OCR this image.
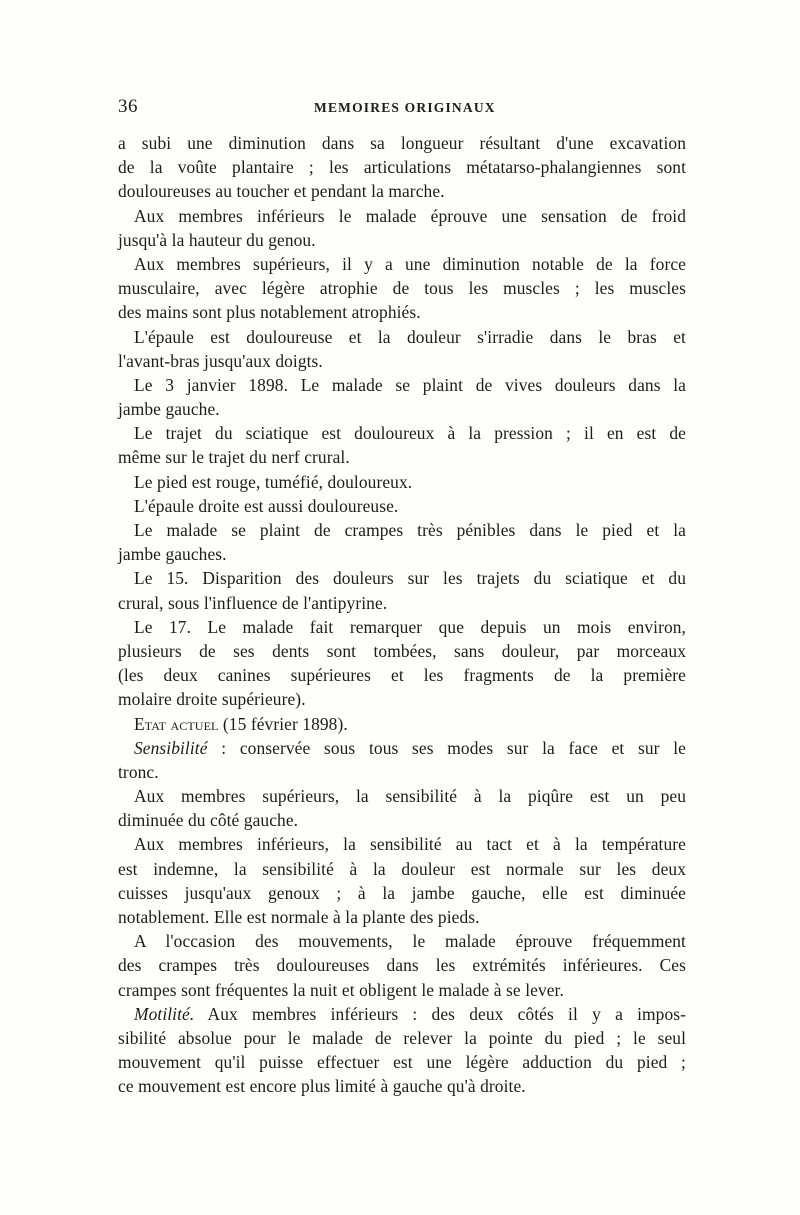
36	MEMOIRES ORIGINAUX
a subi une diminution dans sa longueur résultant d'une excavation
de la voûte plantaire ; les articulations métatarso-phalangiennes sont
douloureuses au toucher et pendant la marche.
Aux membres inférieurs le malade éprouve une sensation de froid
jusqu'à la hauteur du genou.
Aux membres supérieurs, il y a une diminution notable de la force
musculaire, avec légère atrophie de tous les muscles ; les muscles
des mains sont plus notablement atrophiés.
L'épaule est douloureuse et la douleur s'irradie dans le bras et
l'avant-bras jusqu'aux doigts.
Le 3 janvier 1898. Le malade se plaint de vives douleurs dans la
jambe gauche.
Le trajet du sciatique est douloureux à la pression ; il en est de
même sur le trajet du nerf crural.
Le pied est rouge, tuméfié, douloureux.
L'épaule droite est aussi douloureuse.
Le malade se plaint de crampes très pénibles dans le pied et la
jambe gauches.
Le 15. Disparition des douleurs sur les trajets du sciatique et du
crural, sous l'influence de l'antipyrine.
Le 17. Le malade fait remarquer que depuis un mois environ,
plusieurs de ses dents sont tombées, sans douleur, par morceaux
(les deux canines supérieures et les fragments de la première
molaire droite supérieure).
Etat actuel (15 février 1898).
Sensibilité : conservée sous tous ses modes sur la face et sur le
tronc.
Aux membres supérieurs, la sensibilité à la piqûre est un peu
diminuée du côté gauche.
Aux membres inférieurs, la sensibilité au tact et à la température
est indemne, la sensibilité à la douleur est normale sur les deux
cuisses jusqu'aux genoux ; à la jambe gauche, elle est diminuée
notablement. Elle est normale à la plante des pieds.
A l'occasion des mouvements, le malade éprouve fréquemment
des crampes très douloureuses dans les extrémités inférieures. Ces
crampes sont fréquentes la nuit et obligent le malade à se lever.
Motilité. Aux membres inférieurs : des deux côtés il y a impos-
sibilité absolue pour le malade de relever la pointe du pied ; le seul
mouvement qu'il puisse effectuer est une légère adduction du pied ;
ce mouvement est encore plus limité à gauche qu'à droite.
